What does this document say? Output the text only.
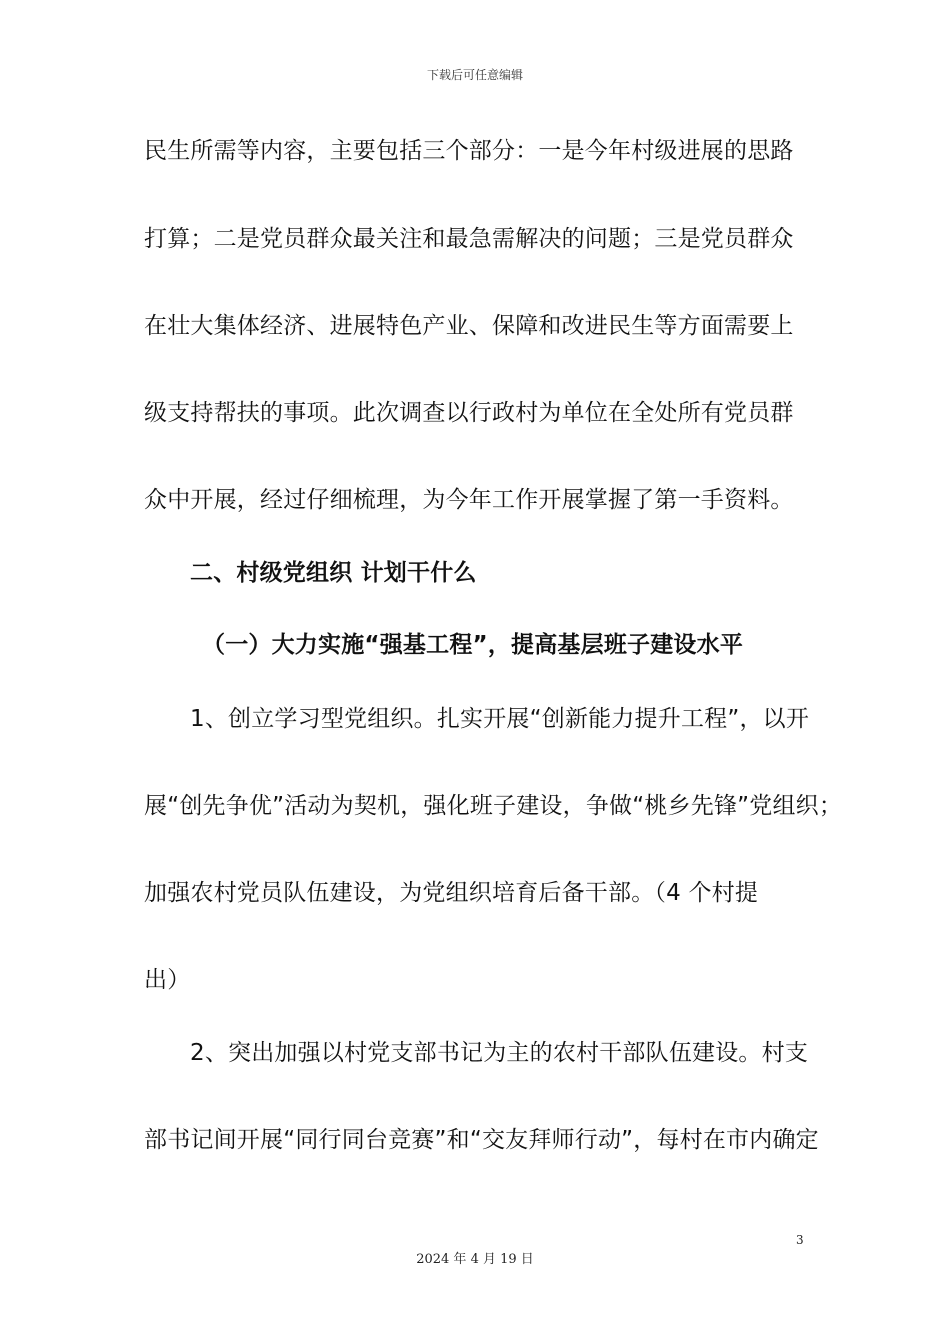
下载后可任意编辑
民生所需等内容，主要包括三个部分：一是今年村级进展的思路
打算；二是党员群众最关注和最急需解决的问题；三是党员群众
在壮大集体经济、进展特色产业、保障和改进民生等方面需要上
级支持帮扶的事项。此次调查以行政村为单位在全处所有党员群
众中开展，经过仔细梳理，为今年工作开展掌握了第一手资料。
二、村级党组织 计划干什么
（一）大力实施“强基工程”，提高基层班子建设水平
1、创立学习型党组织。扎实开展“创新能力提升工程”，以开
展“创先争优”活动为契机，强化班子建设，争做“桃乡先锋”党组织；
加强农村党员队伍建设，为党组织培育后备干部。（4 个村提
出）
2、突出加强以村党支部书记为主的农村干部队伍建设。村支
部书记间开展“同行同台竞赛”和“交友拜师行动”，每村在市内确定
3
2024 年 4 月 19 日
